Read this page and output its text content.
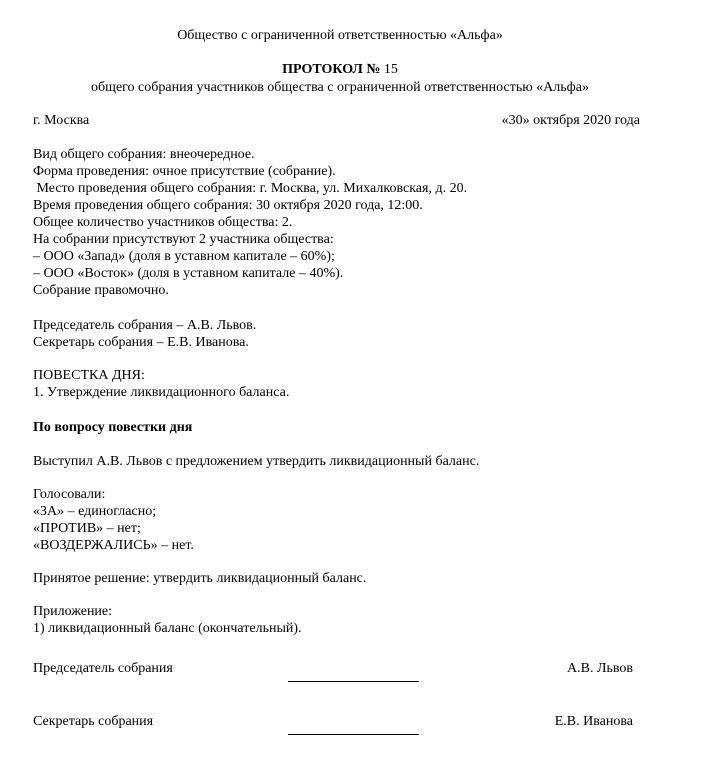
Общество с ограниченной ответственностью «Альфа»
ПРОТОКОЛ № 15
общего собрания участников общества с ограниченной ответственностью «Альфа»
г. Москва	«30» октября 2020 года
Вид общего собрания: внеочередное.
Форма проведения: очное присутствие (собрание).
Место проведения общего собрания: г. Москва, ул. Михалковская, д. 20.
Время проведения общего собрания: 30 октября 2020 года, 12:00.
Общее количество участников общества: 2.
На собрании присутствуют 2 участника общества:
– ООО «Запад» (доля в уставном капитале – 60%);
– ООО «Восток» (доля в уставном капитале – 40%).
Собрание правомочно.
Председатель собрания – А.В. Львов.
Секретарь собрания – Е.В. Иванова.
ПОВЕСТКА ДНЯ:
1. Утверждение ликвидационного баланса.
По вопросу повестки дня
Выступил А.В. Львов с предложением утвердить ликвидационный баланс.
Голосовали:
«ЗА» – единогласно;
«ПРОТИВ» – нет;
«ВОЗДЕРЖАЛИСЬ» – нет.
Принятое решение: утвердить ликвидационный баланс.
Приложение:
1) ликвидационный баланс (окончательный).
Председатель собрания	А.В. Львов
Секретарь собрания	Е.В. Иванова
